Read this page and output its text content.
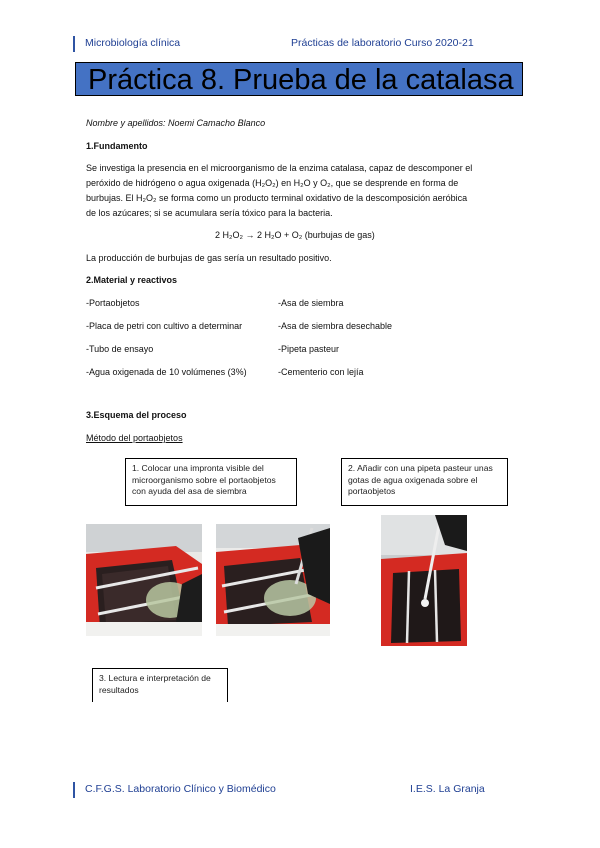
Microbiología clínica	Prácticas de laboratorio Curso 2020-21
Práctica 8. Prueba de la catalasa
Nombre y apellidos: Noemi Camacho Blanco
1.Fundamento
Se investiga la presencia en el microorganismo de la enzima catalasa, capaz de descomponer el
peróxido de hidrógeno o agua oxigenada (H₂O₂) en H₂O y O₂, que se desprende en forma de
burbujas. El H₂O₂ se forma como un producto terminal oxidativo de la descomposición aeróbica
de los azúcares; si se acumulara sería tóxico para la bacteria.
2 H₂O₂ → 2 H₂O + O₂ (burbujas de gas)
La producción de burbujas de gas sería un resultado positivo.
2.Material y reactivos
-Portaobjetos
-Placa de petri con cultivo a determinar
-Tubo de ensayo
-Agua oxigenada de 10 volúmenes (3%)
-Asa de siembra
-Asa de siembra desechable
-Pipeta pasteur
-Cementerio con lejía
3.Esquema del proceso
Método del portaobjetos
1. Colocar una impronta visible del microorganismo sobre el portaobjetos con ayuda del asa de siembra
2. Añadir con una pipeta pasteur unas gotas de agua oxigenada sobre el portaobjetos
3. Lectura e interpretación de resultados
C.F.G.S. Laboratorio Clínico y Biomédico	I.E.S. La Granja
